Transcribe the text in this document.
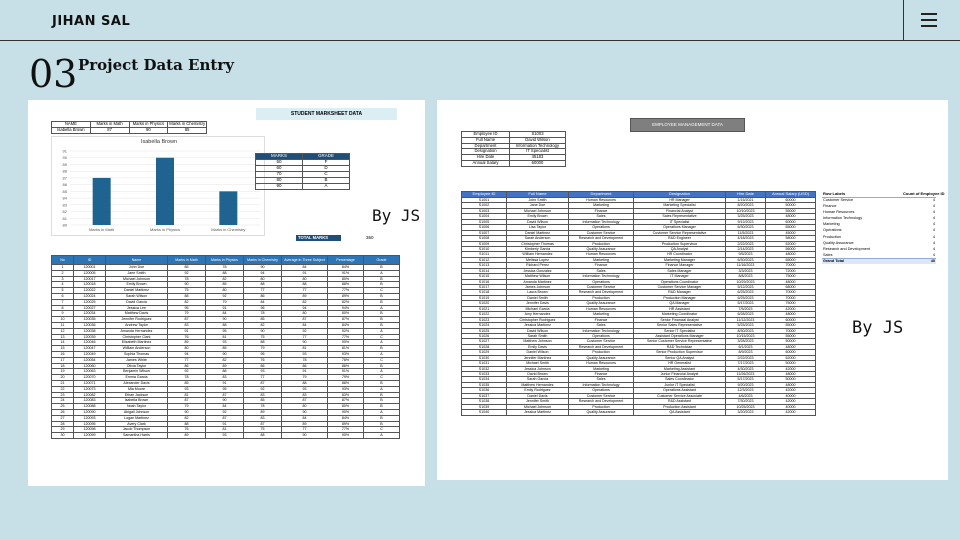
JIHAN SAL
03 Project Data Entry
STUDENT MARKSHEET DATA
NAME	Marks in Math	Marks in Physics	Marks in Chemistry
Isabella Brown	87	90	85
Isabella Brown
91
90
89
88
87
86
85
84
83
82
81
80
Marks in Math	Marks in Physics	Marks in Chemistry
MARKS	GRADE
50	F
60	D
70	C
80	B
90	A
TOTAL MARKS	360
By JS
No	ID	Name	Marks in Math	Marks in Physics	Marks in Chemistry	Average in Three Subject	Percentage	Grade
1	120001	John Doe	85	78	90	84	84%	B
2	120005	Jane Smith	92	88	94	91	91%	A
3	120017	Michael Johnson	78	82	80	80	80%	B
4	120018	Emily Brown	90	85	88	88	88%	B
5	120022	Daniel Martinez	75	80	77	77	77%	C
6	120024	Sarah Wilson	88	92	86	89	89%	B
7	120025	David Garcia	82	79	84	82	82%	B
8	120027	Jessica Lee	95	91	96	94	94%	A
9	120034	Matthew Davis	79	84	78	80	80%	B
10	120035	Jennifer Rodriguez	87	90	85	87	87%	B
11	120036	Andrew Taylor	83	88	82	84	84%	B
12	120038	Amanda Hernandez	91	95	90	92	92%	A
13	120039	Christopher Clark	76	81	75	77	77%	C
14	120046	Elizabeth Martinez	89	93	88	90	90%	A
15	120047	William Anderson	80	85	79	81	81%	B
16	120049	Sophia Thomas	94	90	95	93	93%	A
17	120054	James White	77	82	76	78	78%	C
18	120060	Olivia Taylor	86	89	86	86	86%	B
19	120063	Benjamin Wilson	92	88	93	91	91%	A
20	120070	Emma Garcia	78	83	77	79	79%	C
21	120071	Alexander Davis	85	91	87	88	88%	B
22	120073	Mia Moore	93	95	92	93	93%	A
23	120082	Ethan Jackson	81	87	83	83	83%	B
24	120083	Isabella Brown	87	90	85	87	87%	B
25	120088	Noah Taylor	79	84	78	80	80%	B
26	120090	Abigail Johnson	90	92	89	90	90%	A
27	120093	Logan Martinez	82	87	83	84	84%	B
28	120095	Avery Clark	88	91	87	89	89%	B
29	120098	Jacob Thompson	76	81	75	77	77%	C
30	120099	Samantha Harris	89	93	88	90	90%	A
EMPLOYEE MANAGEMENT DATA
Employee ID	S1003
Full Name	David Wilson
Department	Information Technology
Designation	IT Specialist
Hire Date	45183
Annual Salary	60000
Employee ID	Full Name	Department	Designation	Hire Date	Annual Salary (USD)
S1001	John Smith	Human Resources	HR Manager	1/15/2021	60000
S1002	Jane Doe	Marketing	Marketing Specialist	8/20/2023	50000
S1003	Michael Johnson	Finance	Financial Analyst	10/10/2023	55000
S1004	Emily Brown	Sales	Sales Representative	3/25/2023	48000
S1005	David Wilson	Information Technology	IT Specialist	9/12/2023	60000
S1006	Lisa Taylor	Operations	Operations Manager	6/30/2023	65000
S1007	Daniel Martinez	Customer Service	Customer Service Representative	11/5/2023	45000
S1008	Sarah Anderson	Research and Development	R&D Engineer	4/18/2023	58000
S1009	Christopher Thomas	Production	Production Supervisor	2/22/2023	52000
S1010	Kimberly Garcia	Quality Assurance	QA Analyst	2/14/2023	56000
S1011	William Hernandez	Human Resources	HR Coordinator	9/5/2023	48000
S1012	Melissa Lopez	Marketing	Marketing Manager	6/30/2023	65000
S1013	Richard Perez	Finance	Finance Manager	11/16/2023	70000
S1014	Jessica Gonzalez	Sales	Sales Manager	3/3/2023	72000
S1015	Matthew Wilson	Information Technology	IT Manager	8/8/2023	75000
S1016	Amanda Martinez	Operations	Operations Coordinator	10/29/2023	48000
S1017	James Johnson	Customer Service	Customer Service Manager	5/12/2023	68000
S1018	Laura Brown	Research and Development	R&D Manager	6/25/2023	70000
S1019	Daniel Smith	Production	Production Manager	6/25/2023	70000
S1020	Jennifer Davis	Quality Assurance	QA Manager	5/17/2023	75000
S1021	Michael Garcia	Human Resources	HR Assistant	7/5/2023	42000
S1022	Amy Hernandez	Marketing	Marketing Coordinator	6/28/2023	48000
S1023	Christopher Rodriguez	Finance	Senior Financial Analyst	11/12/2023	60000
S1024	Jessica Martinez	Sales	Senior Sales Representative	5/25/2023	55000
S1025	David Wilson	Information Technology	Senior IT Specialist	8/30/2023	70000
S1026	Sarah Smith	Operations	Assistant Operations Manager	10/15/2023	55000
S1027	Matthew Johnson	Customer Service	Senior Customer Service Representative	3/28/2023	50000
S1028	Emily Davis	Research and Development	R&D Technician	6/1/2023	48000
S1029	Daniel Wilson	Production	Senior Production Supervisor	8/9/2023	60000
S1030	Jennifer Martinez	Quality Assurance	Senior QA Analyst	2/22/2023	62000
S1031	Michael Smith	Human Resources	HR Generalist	7/17/2023	50000
S1032	Jessica Johnson	Marketing	Marketing Assistant	4/30/2023	42000
S1033	David Brown	Finance	Junior Financial Analyst	11/26/2023	48000
S1034	Sarah Garcia	Sales	Sales Coordinator	5/17/2023	50000
S1035	Matthew Hernandez	Information Technology	Junior IT Specialist	9/20/2023	48000
S1036	Emily Rodriguez	Operations	Operations Assistant	12/3/2023	42000
S1037	Daniel Davis	Customer Service	Customer Service Associate	4/6/2023	40000
S1038	Jennifer Smith	Research and Development	R&D Assistant	7/30/2023	42000
S1039	Michael Johnson	Production	Production Assistant	10/25/2023	40000
S1040	Jessica Martinez	Quality Assurance	QA Assistant	3/20/2023	42000
Row Labels	Count of Employee ID
Customer Service	4
Finance	4
Human Resources	4
Information Technology	4
Marketing	4
Operations	4
Production	4
Quality Assurance	4
Research and Development	4
Sales	4
Grand Total	40
By JS
